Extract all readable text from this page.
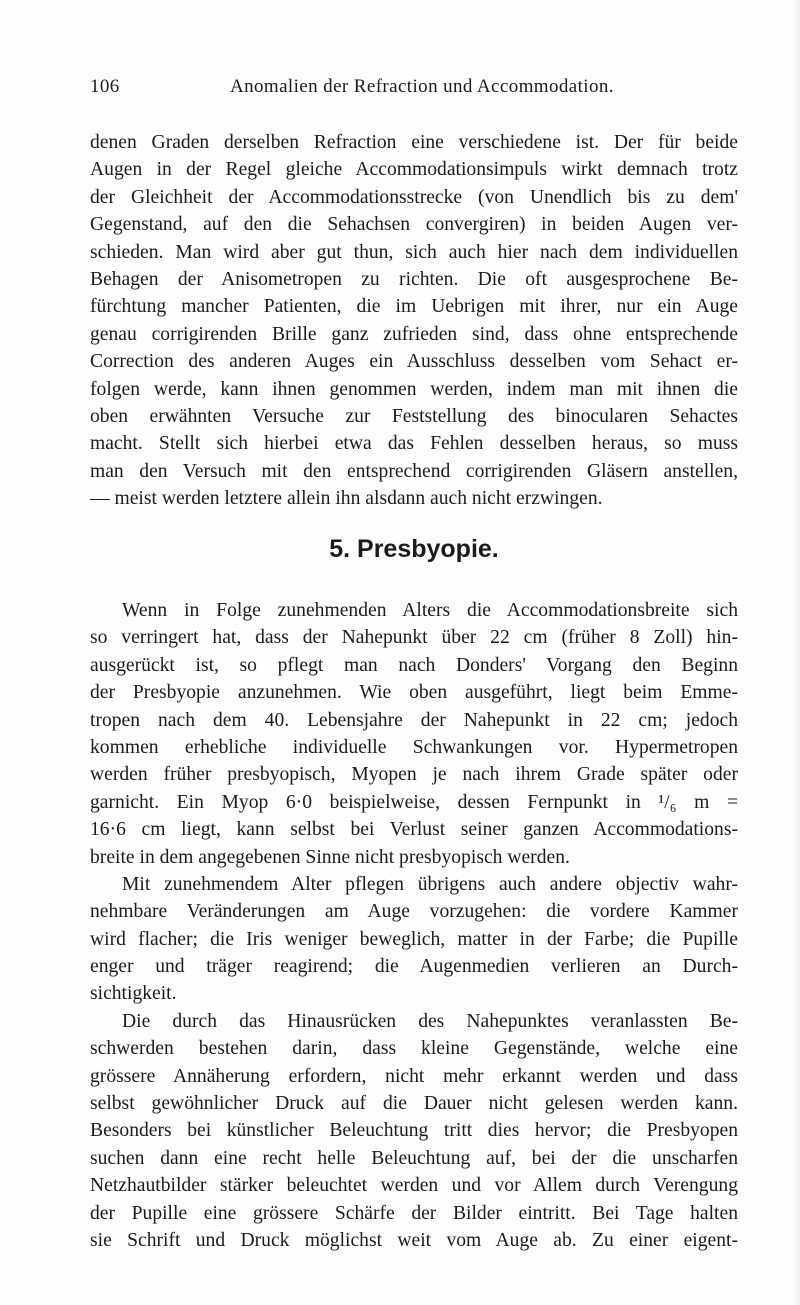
106	Anomalien der Refraction und Accommodation.
denen Graden derselben Refraction eine verschiedene ist. Der für beide
Augen in der Regel gleiche Accommodationsimpuls wirkt demnach trotz
der Gleichheit der Accommodationsstrecke (von Unendlich bis zu dem'
Gegenstand, auf den die Sehachsen convergiren) in beiden Augen ver-
schieden. Man wird aber gut thun, sich auch hier nach dem individuellen
Behagen der Anisometropen zu richten. Die oft ausgesprochene Be-
fürchtung mancher Patienten, die im Uebrigen mit ihrer, nur ein Auge
genau corrigirenden Brille ganz zufrieden sind, dass ohne entsprechende
Correction des anderen Auges ein Ausschluss desselben vom Sehact er-
folgen werde, kann ihnen genommen werden, indem man mit ihnen die
oben erwähnten Versuche zur Feststellung des binocularen Sehactes
macht. Stellt sich hierbei etwa das Fehlen desselben heraus, so muss
man den Versuch mit den entsprechend corrigirenden Gläsern anstellen,
— meist werden letztere allein ihn alsdann auch nicht erzwingen.
5. Presbyopie.
Wenn in Folge zunehmenden Alters die Accommodationsbreite sich
so verringert hat, dass der Nahepunkt über 22 cm (früher 8 Zoll) hin-
ausgerückt ist, so pflegt man nach Donders' Vorgang den Beginn
der Presbyopie anzunehmen. Wie oben ausgeführt, liegt beim Emme-
tropen nach dem 40. Lebensjahre der Nahepunkt in 22 cm; jedoch
kommen erhebliche individuelle Schwankungen vor. Hypermetropen
werden früher presbyopisch, Myopen je nach ihrem Grade später oder
garnicht. Ein Myop 6·0 beispielweise, dessen Fernpunkt in ¹/₆ m =
16·6 cm liegt, kann selbst bei Verlust seiner ganzen Accommodations-
breite in dem angegebenen Sinne nicht presbyopisch werden.
Mit zunehmendem Alter pflegen übrigens auch andere objectiv wahr-
nehmbare Veränderungen am Auge vorzugehen: die vordere Kammer
wird flacher; die Iris weniger beweglich, matter in der Farbe; die Pupille
enger und träger reagirend; die Augenmedien verlieren an Durch-
sichtigkeit.
Die durch das Hinausrücken des Nahepunktes veranlassten Be-
schwerden bestehen darin, dass kleine Gegenstände, welche eine
grössere Annäherung erfordern, nicht mehr erkannt werden und dass
selbst gewöhnlicher Druck auf die Dauer nicht gelesen werden kann.
Besonders bei künstlicher Beleuchtung tritt dies hervor; die Presbyopen
suchen dann eine recht helle Beleuchtung auf, bei der die unscharfen
Netzhautbilder stärker beleuchtet werden und vor Allem durch Verengung
der Pupille eine grössere Schärfe der Bilder eintritt. Bei Tage halten
sie Schrift und Druck möglichst weit vom Auge ab. Zu einer eigent-
